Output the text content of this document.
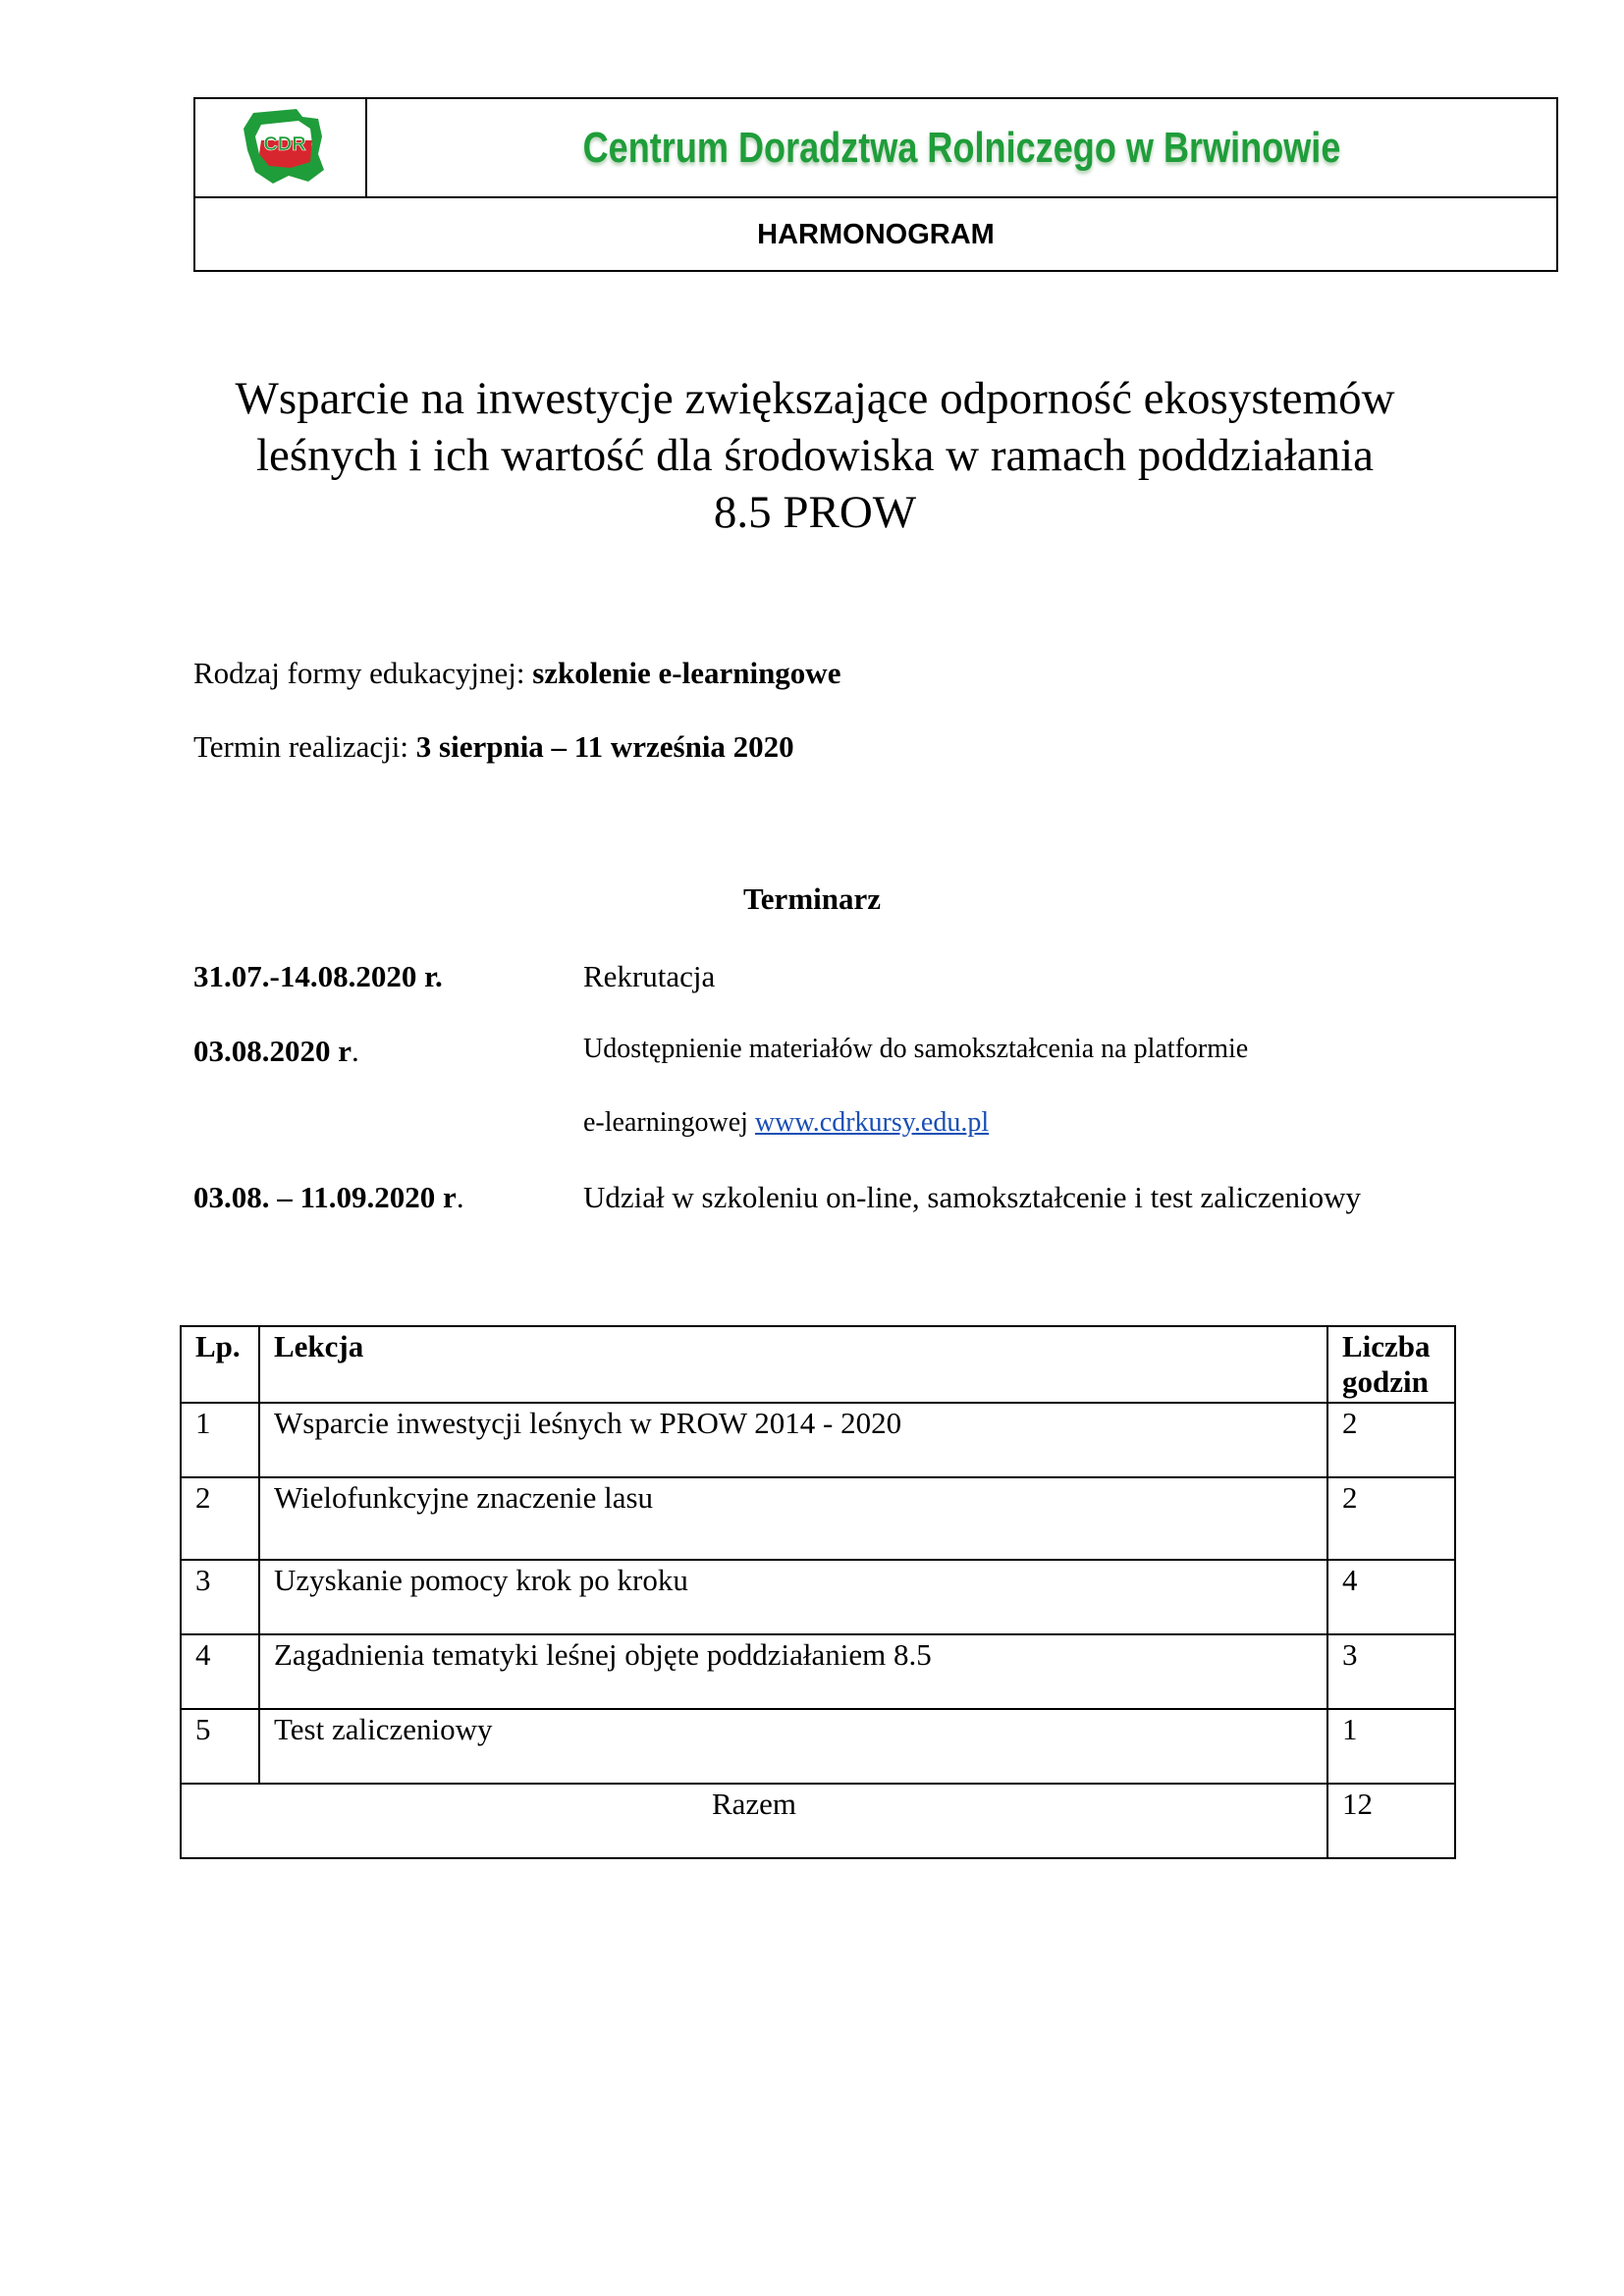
CDR	Centrum Doradztwa Rolniczego w Brwinowie
HARMONOGRAM
Wsparcie na inwestycje zwiększające odporność ekosystemów
leśnych i ich wartość dla środowiska w ramach poddziałania
8.5 PROW
Rodzaj formy edukacyjnej: szkolenie e-learningowe
Termin realizacji: 3 sierpnia – 11 września 2020
Terminarz
31.07.-14.08.2020 r.	Rekrutacja
03.08.2020 r.	Udostępnienie materiałów do samokształcenia na platformie
e-learningowej www.cdrkursy.edu.pl
03.08. – 11.09.2020 r.	Udział w szkoleniu on-line, samokształcenie i test zaliczeniowy
Lp.	Lekcja	Liczba godzin
1	Wsparcie inwestycji leśnych w PROW 2014 - 2020	2
2	Wielofunkcyjne znaczenie lasu	2
3	Uzyskanie pomocy krok po kroku	4
4	Zagadnienia tematyki leśnej objęte poddziałaniem 8.5	3
5	Test zaliczeniowy	1
Razem		12
